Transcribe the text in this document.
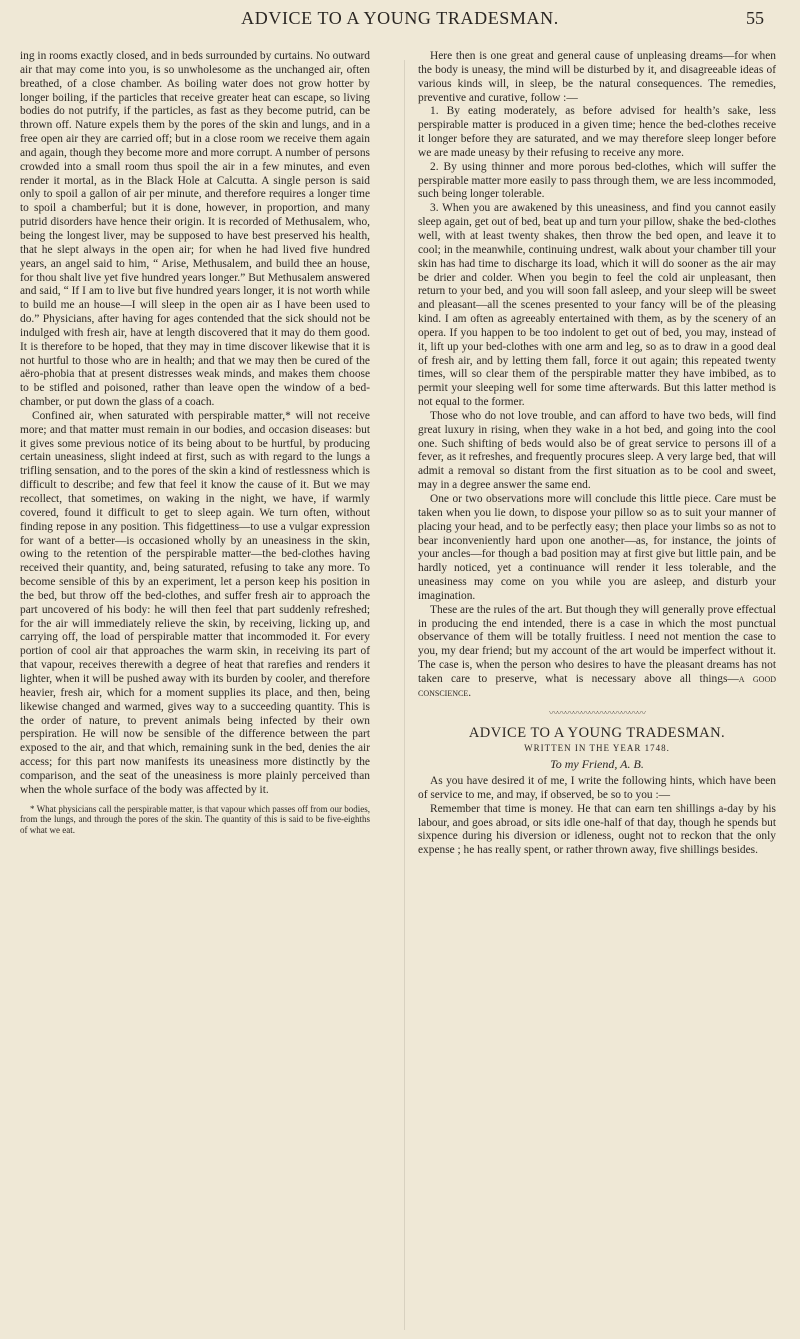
ADVICE TO A YOUNG TRADESMAN.	55

ing in rooms exactly closed, and in beds surrounded by curtains. No outward air that may come into you, is so unwholesome as the unchanged air, often breathed, of a close chamber. As boiling water does not grow hotter by longer boiling, if the particles that receive greater heat can escape, so living bodies do not putrify, if the particles, as fast as they become putrid, can be thrown off. Nature expels them by the pores of the skin and lungs, and in a free open air they are carried off; but in a close room we receive them again and again, though they become more and more corrupt. A number of persons crowded into a small room thus spoil the air in a few minutes, and even render it mortal, as in the Black Hole at Calcutta. A single person is said only to spoil a gallon of air per minute, and therefore requires a longer time to spoil a chamberful; but it is done, however, in proportion, and many putrid disorders have hence their origin. It is recorded of Methusalem, who, being the longest liver, may be supposed to have best preserved his health, that he slept always in the open air; for when he had lived five hundred years, an angel said to him, “ Arise, Methusalem, and build thee an house, for thou shalt live yet five hundred years longer.” But Methusalem answered and said, “ If I am to live but five hundred years longer, it is not worth while to build me an house—I will sleep in the open air as I have been used to do.” Physicians, after having for ages contended that the sick should not be indulged with fresh air, have at length discovered that it may do them good. It is therefore to be hoped, that they may in time discover likewise that it is not hurtful to those who are in health; and that we may then be cured of the aëro-phobia that at present distresses weak minds, and makes them choose to be stifled and poisoned, rather than leave open the window of a bed-chamber, or put down the glass of a coach.

Confined air, when saturated with perspirable matter,* will not receive more; and that matter must remain in our bodies, and occasion diseases: but it gives some previous notice of its being about to be hurtful, by producing certain uneasiness, slight indeed at first, such as with regard to the lungs a trifling sensation, and to the pores of the skin a kind of restlessness which is difficult to describe; and few that feel it know the cause of it. But we may recollect, that sometimes, on waking in the night, we have, if warmly covered, found it difficult to get to sleep again. We turn often, without finding repose in any position. This fidgettiness—to use a vulgar expression for want of a better—is occasioned wholly by an uneasiness in the skin, owing to the retention of the perspirable matter—the bed-clothes having received their quantity, and, being saturated, refusing to take any more. To become sensible of this by an experiment, let a person keep his position in the bed, but throw off the bed-clothes, and suffer fresh air to approach the part uncovered of his body: he will then feel that part suddenly refreshed; for the air will immediately relieve the skin, by receiving, licking up, and carrying off, the load of perspirable matter that incommoded it. For every portion of cool air that approaches the warm skin, in receiving its part of that vapour, receives therewith a degree of heat that rarefies and renders it lighter, when it will be pushed away with its burden by cooler, and therefore heavier, fresh air, which for a moment supplies its place, and then, being likewise changed and warmed, gives way to a succeeding quantity. This is the order of nature, to prevent animals being infected by their own perspiration. He will now be sensible of the difference between the part exposed to the air, and that which, remaining sunk in the bed, denies the air access; for this part now manifests its uneasiness more distinctly by the comparison, and the seat of the uneasiness is more plainly perceived than when the whole surface of the body was affected by it.

* What physicians call the perspirable matter, is that vapour which passes off from our bodies, from the lungs, and through the pores of the skin. The quantity of this is said to be five-eighths of what we eat.

Here then is one great and general cause of unpleasing dreams—for when the body is uneasy, the mind will be disturbed by it, and disagreeable ideas of various kinds will, in sleep, be the natural consequences. The remedies, preventive and curative, follow :—

1. By eating moderately, as before advised for health’s sake, less perspirable matter is produced in a given time; hence the bed-clothes receive it longer before they are saturated, and we may therefore sleep longer before we are made uneasy by their refusing to receive any more.

2. By using thinner and more porous bed-clothes, which will suffer the perspirable matter more easily to pass through them, we are less incommoded, such being longer tolerable.

3. When you are awakened by this uneasiness, and find you cannot easily sleep again, get out of bed, beat up and turn your pillow, shake the bed-clothes well, with at least twenty shakes, then throw the bed open, and leave it to cool; in the meanwhile, continuing undrest, walk about your chamber till your skin has had time to discharge its load, which it will do sooner as the air may be drier and colder. When you begin to feel the cold air unpleasant, then return to your bed, and you will soon fall asleep, and your sleep will be sweet and pleasant—all the scenes presented to your fancy will be of the pleasing kind. I am often as agreeably entertained with them, as by the scenery of an opera. If you happen to be too indolent to get out of bed, you may, instead of it, lift up your bed-clothes with one arm and leg, so as to draw in a good deal of fresh air, and by letting them fall, force it out again; this repeated twenty times, will so clear them of the perspirable matter they have imbibed, as to permit your sleeping well for some time afterwards. But this latter method is not equal to the former.

Those who do not love trouble, and can afford to have two beds, will find great luxury in rising, when they wake in a hot bed, and going into the cool one. Such shifting of beds would also be of great service to persons ill of a fever, as it refreshes, and frequently procures sleep. A very large bed, that will admit a removal so distant from the first situation as to be cool and sweet, may in a degree answer the same end.

One or two observations more will conclude this little piece. Care must be taken when you lie down, to dispose your pillow so as to suit your manner of placing your head, and to be perfectly easy; then place your limbs so as not to bear inconveniently hard upon one another—as, for instance, the joints of your ancles—for though a bad position may at first give but little pain, and be hardly noticed, yet a continuance will render it less tolerable, and the uneasiness may come on you while you are asleep, and disturb your imagination.

These are the rules of the art. But though they will generally prove effectual in producing the end intended, there is a case in which the most punctual observance of them will be totally fruitless. I need not mention the case to you, my dear friend; but my account of the art would be imperfect without it. The case is, when the person who desires to have the pleasant dreams has not taken care to preserve, what is necessary above all things—a good conscience.

〰〰〰〰〰〰〰〰〰〰〰〰
ADVICE TO A YOUNG TRADESMAN.
WRITTEN IN THE YEAR 1748.
To my Friend, A. B.

As you have desired it of me, I write the following hints, which have been of service to me, and may, if observed, be so to you :—

Remember that time is money. He that can earn ten shillings a-day by his labour, and goes abroad, or sits idle one-half of that day, though he spends but sixpence during his diversion or idleness, ought not to reckon that the only expense ; he has really spent, or rather thrown away, five shillings besides.
